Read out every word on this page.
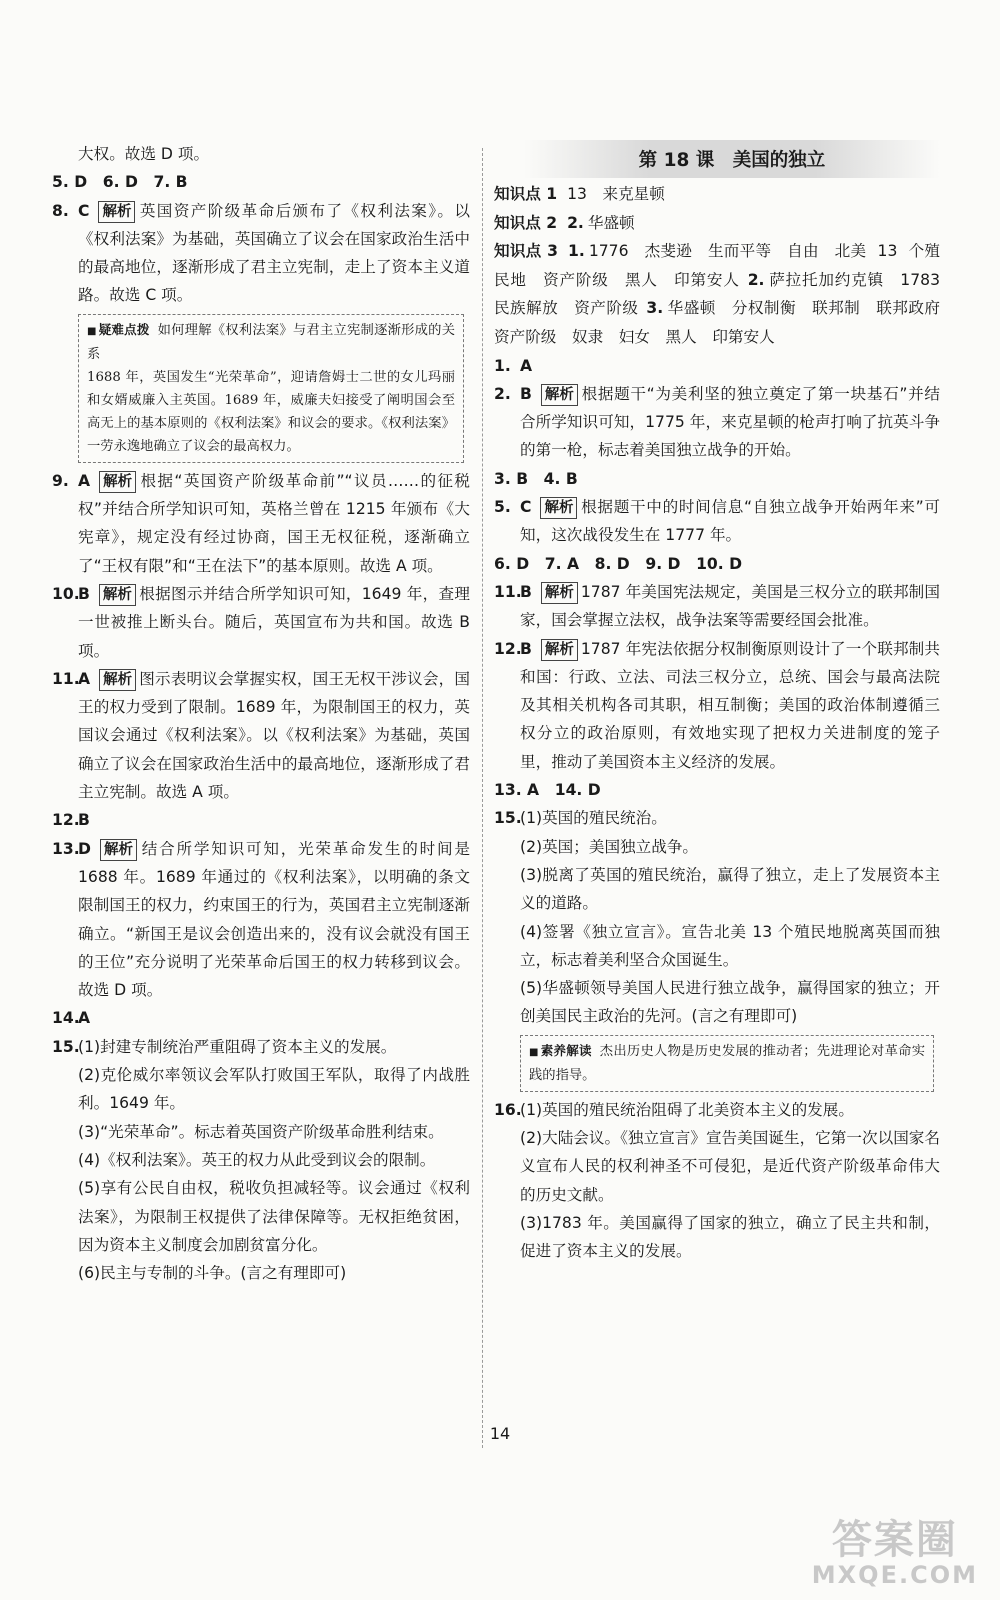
大权。故选 D 项。
5. D　6. D　7. B
8. C 解析 英国资产阶级革命后颁布了《权利法案》。以《权利法案》为基础，英国确立了议会在国家政治生活中的最高地位，逐渐形成了君主立宪制，走上了资本主义道路。故选 C 项。
■ 疑难点拨 如何理解《权利法案》与君主立宪制逐渐形成的关系
1688 年，英国发生“光荣革命”，迎请詹姆士二世的女儿玛丽和女婿威廉入主英国。1689 年，威廉夫妇接受了阐明国会至高无上的基本原则的《权利法案》和议会的要求。《权利法案》一劳永逸地确立了议会的最高权力。
9. A 解析 根据“英国资产阶级革命前”“议员……的征税权”并结合所学知识可知，英格兰曾在 1215 年颁布《大宪章》，规定没有经过协商，国王无权征税，逐渐确立了“王权有限”和“王在法下”的基本原则。故选 A 项。
10.
B 解析 根据图示并结合所学知识可知，1649 年，查理一世被推上断头台。随后，英国宣布为共和国。故选 B 项。
11.
A 解析 图示表明议会掌握实权，国王无权干涉议会，国王的权力受到了限制。1689 年，为限制国王的权力，英国议会通过《权利法案》。以《权利法案》为基础，英国确立了议会在国家政治生活中的最高地位，逐渐形成了君主立宪制。故选 A 项。
12.
B
13.
D 解析 结合所学知识可知，光荣革命发生的时间是 1688 年。1689 年通过的《权利法案》，以明确的条文限制国王的权力，约束国王的行为，英国君主立宪制逐渐确立。“新国王是议会创造出来的，没有议会就没有国王的王位”充分说明了光荣革命后国王的权力转移到议会。故选 D 项。
14.
A
15.
(1)封建专制统治严重阻碍了资本主义的发展。
(2)克伦威尔率领议会军队打败国王军队，取得了内战胜利。1649 年。
(3)“光荣革命”。标志着英国资产阶级革命胜利结束。
(4)《权利法案》。英王的权力从此受到议会的限制。
(5)享有公民自由权，税收负担减轻等。议会通过《权利法案》，为限制王权提供了法律保障等。无权拒绝贫困，因为资本主义制度会加剧贫富分化。
(6)民主与专制的斗争。(言之有理即可)
第 18 课　美国的独立
知识点 1 13　来克星顿
知识点 2 2. 华盛顿
知识点 3 1. 1776　杰斐逊　生而平等　自由　北美 13 个殖民地　资产阶级　黑人　印第安人 2. 萨拉托加约克镇　1783　民族解放　资产阶级 3. 华盛顿　分权制衡　联邦制　联邦政府　资产阶级　奴隶　妇女　黑人　印第安人
1. A
2. B 解析 根据题干“为美利坚的独立奠定了第一块基石”并结合所学知识可知，1775 年，来克星顿的枪声打响了抗英斗争的第一枪，标志着美国独立战争的开始。
3. B　4. B
5. C 解析 根据题干中的时间信息“自独立战争开始两年来”可知，这次战役发生在 1777 年。
6. D　7. A　8. D　9. D　10. D
11.
B 解析 1787 年美国宪法规定，美国是三权分立的联邦制国家，国会掌握立法权，战争法案等需要经国会批准。
12.
B 解析 1787 年宪法依据分权制衡原则设计了一个联邦制共和国：行政、立法、司法三权分立，总统、国会与最高法院及其相关机构各司其职，相互制衡；美国的政治体制遵循三权分立的政治原则，有效地实现了把权力关进制度的笼子里，推动了美国资本主义经济的发展。
13. A　14. D
15.
(1)英国的殖民统治。
(2)英国；美国独立战争。
(3)脱离了英国的殖民统治，赢得了独立，走上了发展资本主义的道路。
(4)签署《独立宣言》。宣告北美 13 个殖民地脱离英国而独立，标志着美利坚合众国诞生。
(5)华盛顿领导美国人民进行独立战争，赢得国家的独立；开创美国民主政治的先河。(言之有理即可)
■ 素养解读 杰出历史人物是历史发展的推动者；先进理论对革命实践的指导。
16.
(1)英国的殖民统治阻碍了北美资本主义的发展。
(2)大陆会议。《独立宣言》宣告美国诞生，它第一次以国家名义宣布人民的权利神圣不可侵犯，是近代资产阶级革命伟大的历史文献。
(3)1783 年。美国赢得了国家的独立，确立了民主共和制，促进了资本主义的发展。
14
答案圈
MXQE.COM
